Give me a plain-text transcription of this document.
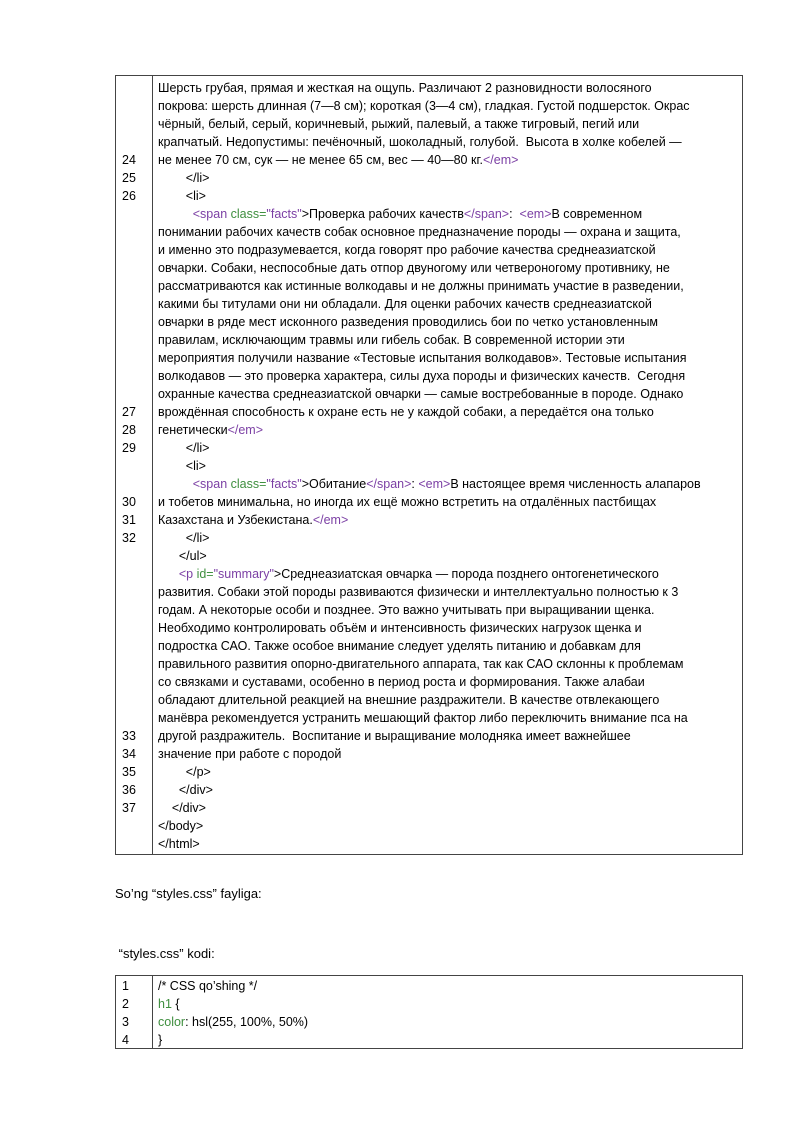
24
25
26
27
28
29
30
31
32
33
34
35
36
37
Шерсть грубая, прямая и жесткая на ощупь. Различают 2 разновидности волосяного
покрова: шерсть длинная (7—8 см); короткая (3—4 см), гладкая. Густой подшерсток. Окрас
чёрный, белый, серый, коричневый, рыжий, палевый, а также тигровый, пегий или
крапчатый. Недопустимы: печёночный, шоколадный, голубой.  Высота в холке кобелей —
не менее 70 см, сук — не менее 65 см, вес — 40—80 кг.</em>
</li>
<li>
<span class="facts">Проверка рабочих качеств</span>:  <em>В современном
понимании рабочих качеств собак основное предназначение породы — охрана и защита,
и именно это подразумевается, когда говорят про рабочие качества среднеазиатской
овчарки. Собаки, неспособные дать отпор двуногому или четвероногому противнику, не
рассматриваются как истинные волкодавы и не должны принимать участие в разведении,
какими бы титулами они ни обладали. Для оценки рабочих качеств среднеазиатской
овчарки в ряде мест исконного разведения проводились бои по четко установленным
правилам, исключающим травмы или гибель собак. В современной истории эти
мероприятия получили название «Тестовые испытания волкодавов». Тестовые испытания
волкодавов — это проверка характера, силы духа породы и физических качеств.  Сегодня
охранные качества среднеазиатской овчарки — самые востребованные в породе. Однако
врождённая способность к охране есть не у каждой собаки, а передаётся она только
генетически</em>
</li>
<li>
<span class="facts">Обитание</span>: <em>В настоящее время численность алапаров
и тобетов минимальна, но иногда их ещё можно встретить на отдалённых пастбищах
Казахстана и Узбекистана.</em>
</li>
</ul>
<p id="summary">Среднеазиатская овчарка — порода позднего онтогенетического
развития. Собаки этой породы развиваются физически и интеллектуально полностью к 3
годам. А некоторые особи и позднее. Это важно учитывать при выращивании щенка.
Необходимо контролировать объём и интенсивность физических нагрузок щенка и
подростка САО. Также особое внимание следует уделять питанию и добавкам для
правильного развития опорно-двигательного аппарата, так как САО склонны к проблемам
со связками и суставами, особенно в период роста и формирования. Также алабаи
обладают длительной реакцией на внешние раздражители. В качестве отвлекающего
манёвра рекомендуется устранить мешающий фактор либо переключить внимание пса на
другой раздражитель.  Воспитание и выращивание молодняка имеет важнейшее
значение при работе с породой
</p>
</div>
</div>
</body>
</html>
So’ng “styles.css” fayliga:
“styles.css” kodi:
1
2
3
4
/* CSS qo’shing */
h1 {
color: hsl(255, 100%, 50%)
}
